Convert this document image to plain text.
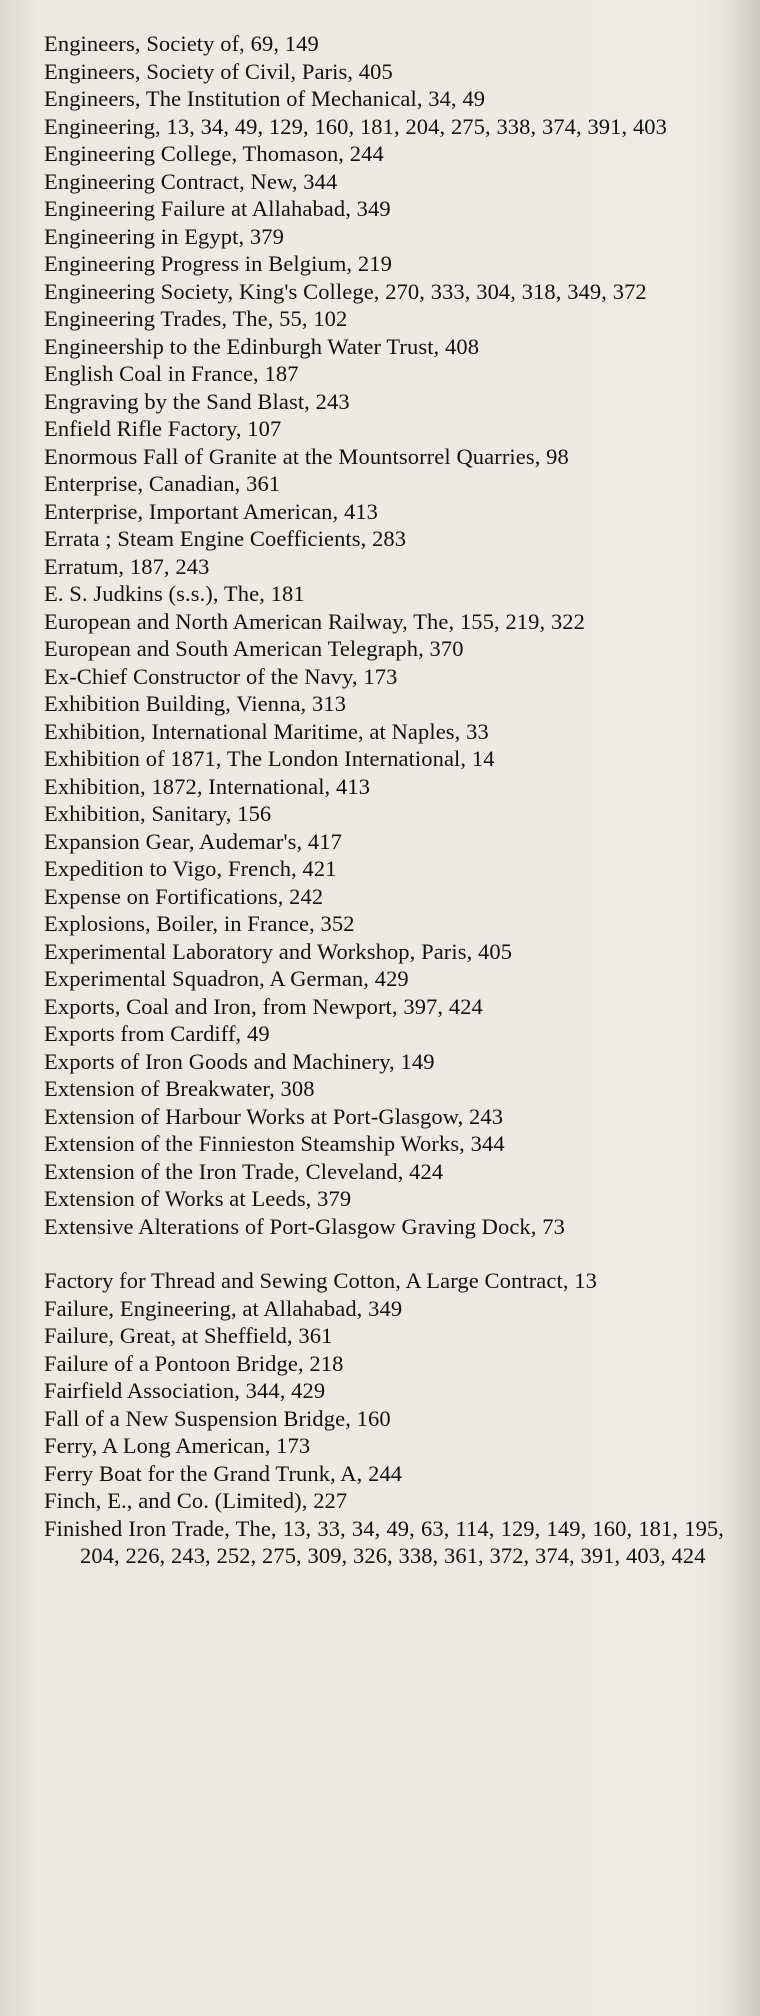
Engineers, Society of, 69, 149
Engineers, Society of Civil, Paris, 405
Engineers, The Institution of Mechanical, 34, 49
Engineering, 13, 34, 49, 129, 160, 181, 204, 275, 338, 374, 391, 403
Engineering College, Thomason, 244
Engineering Contract, New, 344
Engineering Failure at Allahabad, 349
Engineering in Egypt, 379
Engineering Progress in Belgium, 219
Engineering Society, King's College, 270, 333, 304, 318, 349, 372
Engineering Trades, The, 55, 102
Engineership to the Edinburgh Water Trust, 408
English Coal in France, 187
Engraving by the Sand Blast, 243
Enfield Rifle Factory, 107
Enormous Fall of Granite at the Mountsorrel Quarries, 98
Enterprise, Canadian, 361
Enterprise, Important American, 413
Errata ; Steam Engine Coefficients, 283
Erratum, 187, 243
E. S. Judkins (s.s.), The, 181
European and North American Railway, The, 155, 219, 322
European and South American Telegraph, 370
Ex-Chief Constructor of the Navy, 173
Exhibition Building, Vienna, 313
Exhibition, International Maritime, at Naples, 33
Exhibition of 1871, The London International, 14
Exhibition, 1872, International, 413
Exhibition, Sanitary, 156
Expansion Gear, Audemar's, 417
Expedition to Vigo, French, 421
Expense on Fortifications, 242
Explosions, Boiler, in France, 352
Experimental Laboratory and Workshop, Paris, 405
Experimental Squadron, A German, 429
Exports, Coal and Iron, from Newport, 397, 424
Exports from Cardiff, 49
Exports of Iron Goods and Machinery, 149
Extension of Breakwater, 308
Extension of Harbour Works at Port-Glasgow, 243
Extension of the Finnieston Steamship Works, 344
Extension of the Iron Trade, Cleveland, 424
Extension of Works at Leeds, 379
Extensive Alterations of Port-Glasgow Graving Dock, 73
Factory for Thread and Sewing Cotton, A Large Contract, 13
Failure, Engineering, at Allahabad, 349
Failure, Great, at Sheffield, 361
Failure of a Pontoon Bridge, 218
Fairfield Association, 344, 429
Fall of a New Suspension Bridge, 160
Ferry, A Long American, 173
Ferry Boat for the Grand Trunk, A, 244
Finch, E., and Co. (Limited), 227
Finished Iron Trade, The, 13, 33, 34, 49, 63, 114, 129, 149, 160, 181, 195, 204, 226, 243, 252, 275, 309, 326, 338, 361, 372, 374, 391, 403, 424
